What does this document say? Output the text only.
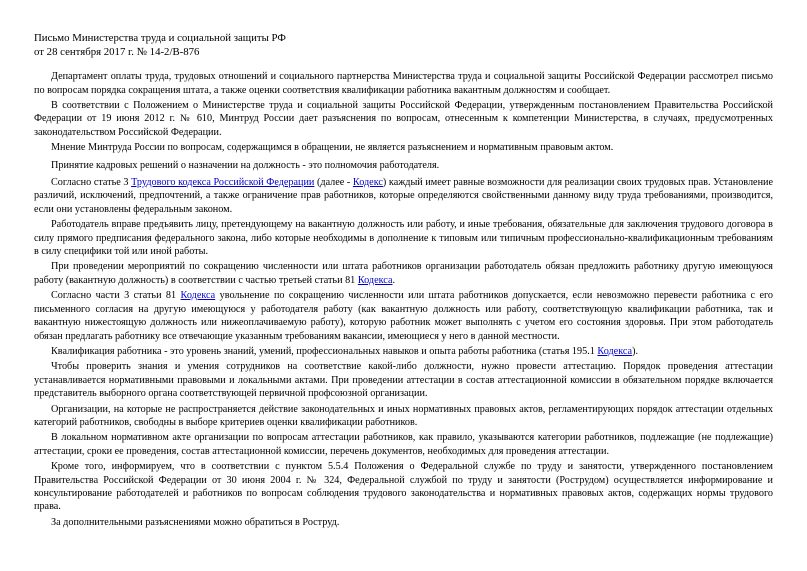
Письмо Министерства труда и социальной защиты РФ
от 28 сентября 2017 г. № 14-2/В-876

Департамент оплаты труда, трудовых отношений и социального партнерства Министерства труда и социальной защиты Российской Федерации рассмотрел письмо по вопросам порядка сокращения штата, а также оценки соответствия квалификации работника вакантным должностям и сообщает.

В соответствии с Положением о Министерстве труда и социальной защиты Российской Федерации, утвержденным постановлением Правительства Российской Федерации от 19 июня 2012 г. № 610, Минтруд России дает разъяснения по вопросам, отнесенным к компетенции Министерства, в случаях, предусмотренных законодательством Российской Федерации.

Мнение Минтруда России по вопросам, содержащимся в обращении, не является разъяснением и нормативным правовым актом.

Принятие кадровых решений о назначении на должность - это полномочия работодателя.

Согласно статье 3 Трудового кодекса Российской Федерации (далее - Кодекс) каждый имеет равные возможности для реализации своих трудовых прав. Установление различий, исключений, предпочтений, а также ограничение прав работников, которые определяются свойственными данному виду труда требованиями, производится, если они установлены федеральным законом.

Работодатель вправе предъявить лицу, претендующему на вакантную должность или работу, и иные требования, обязательные для заключения трудового договора в силу прямого предписания федерального закона, либо которые необходимы в дополнение к типовым или типичным профессионально-квалификационным требованиям в силу специфики той или иной работы.

При проведении мероприятий по сокращению численности или штата работников организации работодатель обязан предложить работнику другую имеющуюся работу (вакантную должность) в соответствии с частью третьей статьи 81 Кодекса.

Согласно части 3 статьи 81 Кодекса увольнение по сокращению численности или штата работников допускается, если невозможно перевести работника с его письменного согласия на другую имеющуюся у работодателя работу (как вакантную должность или работу, соответствующую квалификации работника, так и вакантную нижестоящую должность или нижеоплачиваемую работу), которую работник может выполнять с учетом его состояния здоровья. При этом работодатель обязан предлагать работнику все отвечающие указанным требованиям вакансии, имеющиеся у него в данной местности.

Квалификация работника - это уровень знаний, умений, профессиональных навыков и опыта работы работника (статья 195.1 Кодекса).

Чтобы проверить знания и умения сотрудников на соответствие какой-либо должности, нужно провести аттестацию. Порядок проведения аттестации устанавливается нормативными правовыми и локальными актами. При проведении аттестации в состав аттестационной комиссии в обязательном порядке включается представитель выборного органа соответствующей первичной профсоюзной организации.

Организации, на которые не распространяется действие законодательных и иных нормативных правовых актов, регламентирующих порядок аттестации отдельных категорий работников, свободны в выборе критериев оценки квалификации работников.

В локальном нормативном акте организации по вопросам аттестации работников, как правило, указываются категории работников, подлежащие (не подлежащие) аттестации, сроки ее проведения, состав аттестационной комиссии, перечень документов, необходимых для проведения аттестации.

Кроме того, информируем, что в соответствии с пунктом 5.5.4 Положения о Федеральной службе по труду и занятости, утвержденного постановлением Правительства Российской Федерации от 30 июня 2004 г. № 324, Федеральной службой по труду и занятости (Рострудом) осуществляется информирование и консультирование работодателей и работников по вопросам соблюдения трудового законодательства и нормативных правовых актов, содержащих нормы трудового права.

За дополнительными разъяснениями можно обратиться в Роструд.
